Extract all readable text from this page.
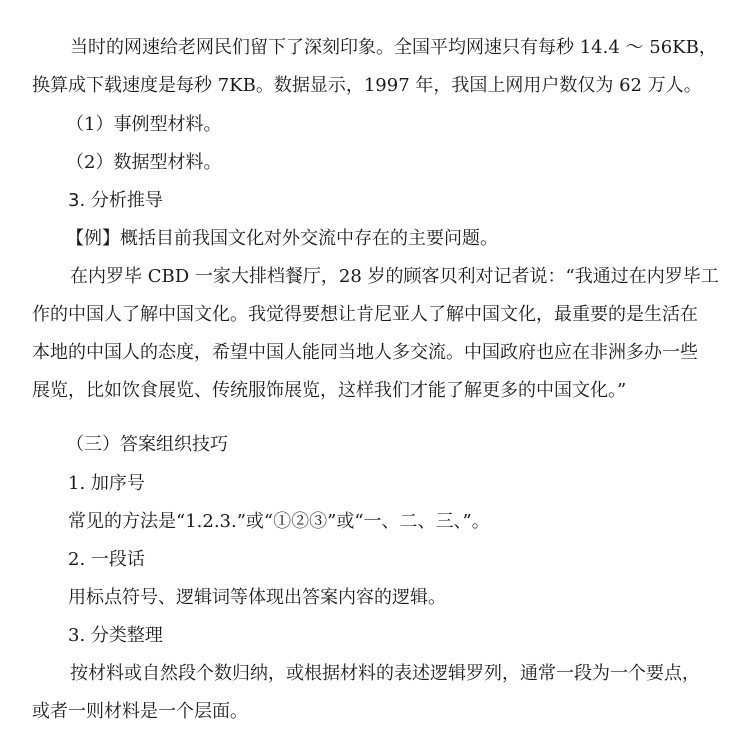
当时的网速给老网民们留下了深刻印象。全国平均网速只有每秒 14.4 ～ 56KB，
换算成下载速度是每秒 7KB。数据显示，1997 年，我国上网用户数仅为 62 万人。
（1）事例型材料。
（2）数据型材料。
3. 分析推导
【例】概括目前我国文化对外交流中存在的主要问题。
在内罗毕 CBD 一家大排档餐厅，28 岁的顾客贝利对记者说：“我通过在内罗毕工
作的中国人了解中国文化。我觉得要想让肯尼亚人了解中国文化，最重要的是生活在
本地的中国人的态度，希望中国人能同当地人多交流。中国政府也应在非洲多办一些
展览，比如饮食展览、传统服饰展览，这样我们才能了解更多的中国文化。”
（三）答案组织技巧
1. 加序号
常见的方法是“1.2.3.”或“①②③”或“一、二、三、”。
2. 一段话
用标点符号、逻辑词等体现出答案内容的逻辑。
3. 分类整理
按材料或自然段个数归纳，或根据材料的表述逻辑罗列，通常一段为一个要点，
或者一则材料是一个层面。
